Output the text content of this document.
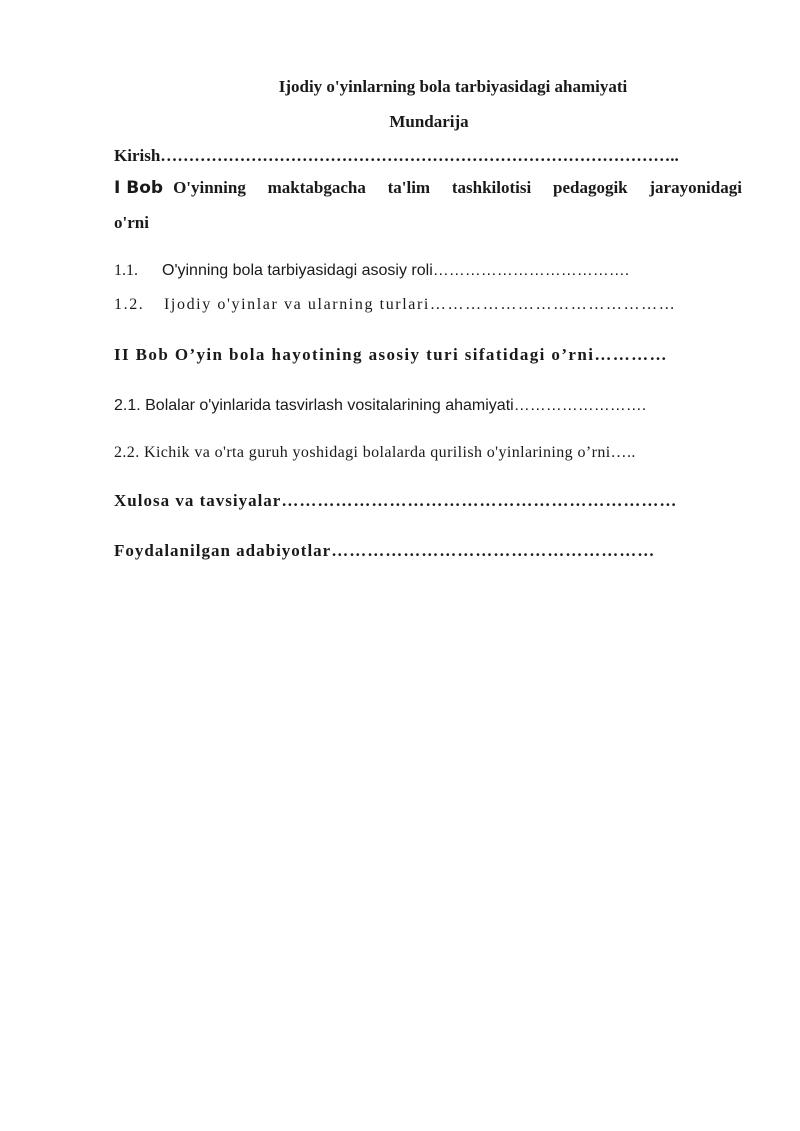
Ijodiy o'yinlarning bola tarbiyasidagi ahamiyati
Mundarija
Kirish………………………………………………………………………………..
I Bob O'yinning maktabgacha ta'lim tashkilotisi pedagogik jarayonidagi
o'rni
1.1. O'yinning bola tarbiyasidagi asosiy roli……………………………….
1.2. Ijodiy o'yinlar va ularning turlari……………………………………
II Bob O’yin bola hayotining asosiy turi sifatidagi o’rni…………
2.1. Bolalar o'yinlarida tasvirlash vositalarining ahamiyati…………………….
2.2. Kichik va o'rta guruh yoshidagi bolalarda qurilish o'yinlarining o’rni…..
Xulosa va tavsiyalar…………………………………………………………
Foydalanilgan adabiyotlar………………………………………………
